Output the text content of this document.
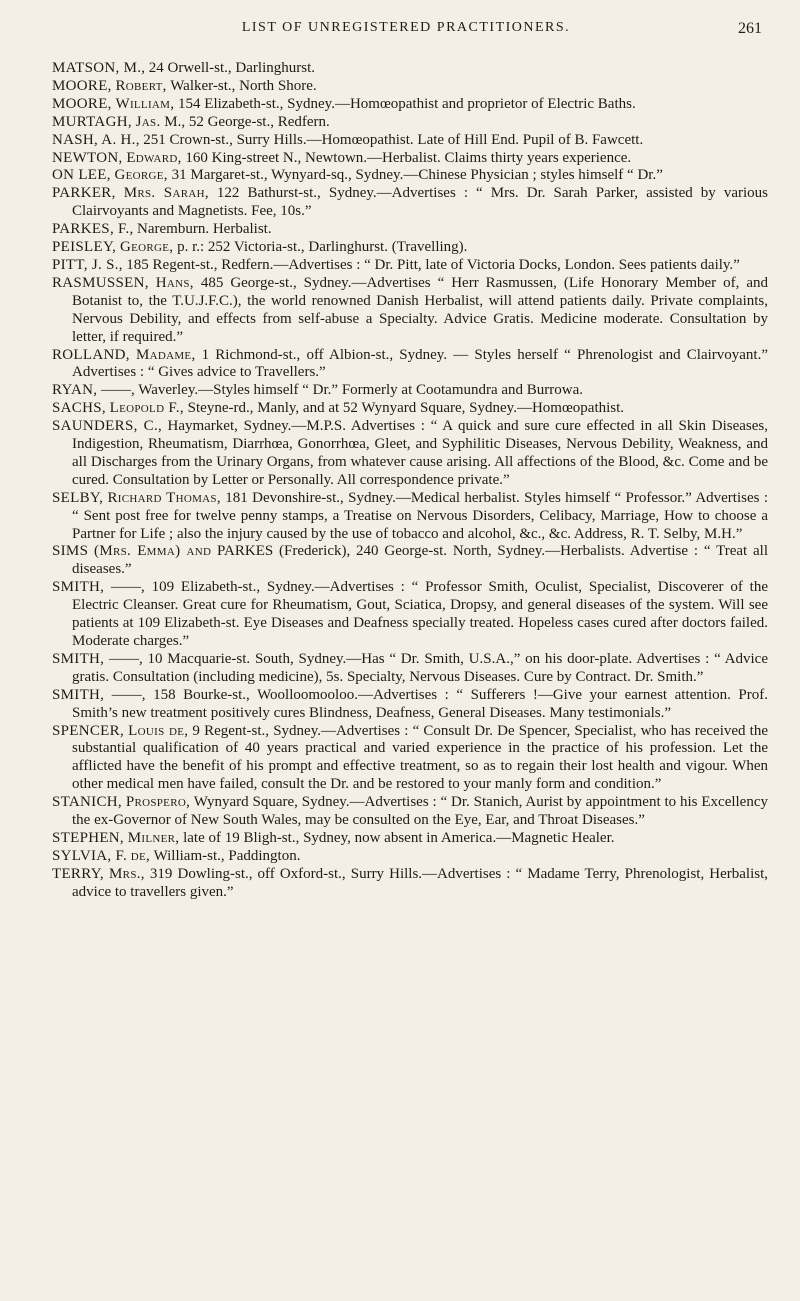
LIST OF UNREGISTERED PRACTITIONERS.	261

MATSON, M., 24 Orwell-st., Darlinghurst.

MOORE, Robert, Walker-st., North Shore.

MOORE, William, 154 Elizabeth-st., Sydney.—Homœopathist and proprietor of Electric Baths.

MURTAGH, Jas. M., 52 George-st., Redfern.

NASH, A. H., 251 Crown-st., Surry Hills.—Homœopathist. Late of Hill End. Pupil of B. Fawcett.

NEWTON, Edward, 160 King-street N., Newtown.—Herbalist. Claims thirty years experience.

ON LEE, George, 31 Margaret-st., Wynyard-sq., Sydney.—Chinese Physician ; styles himself “ Dr.”

PARKER, Mrs. Sarah, 122 Bathurst-st., Sydney.—Advertises : “ Mrs. Dr. Sarah Parker, assisted by various Clairvoyants and Magnetists. Fee, 10s.”

PARKES, F., Naremburn. Herbalist.

PEISLEY, George, p. r.: 252 Victoria-st., Darlinghurst. (Travelling).

PITT, J. S., 185 Regent-st., Redfern.—Advertises : “ Dr. Pitt, late of Victoria Docks, London. Sees patients daily.”

RASMUSSEN, Hans, 485 George-st., Sydney.—Advertises “ Herr Rasmussen, (Life Honorary Member of, and Botanist to, the T.U.J.F.C.), the world renowned Danish Herbalist, will attend patients daily. Private complaints, Nervous Debility, and effects from self-abuse a Specialty. Advice Gratis. Medicine moderate. Consultation by letter, if required.”

ROLLAND, Madame, 1 Richmond-st., off Albion-st., Sydney. — Styles herself “ Phrenologist and Clairvoyant.” Advertises : “ Gives advice to Travellers.”

RYAN, ——, Waverley.—Styles himself “ Dr.” Formerly at Cootamundra and Burrowa.

SACHS, Leopold F., Steyne-rd., Manly, and at 52 Wynyard Square, Sydney.—Homœopathist.

SAUNDERS, C., Haymarket, Sydney.—M.P.S. Advertises : “ A quick and sure cure effected in all Skin Diseases, Indigestion, Rheumatism, Diarrhœa, Gonorrhœa, Gleet, and Syphilitic Diseases, Nervous Debility, Weakness, and all Discharges from the Urinary Organs, from whatever cause arising. All affections of the Blood, &c. Come and be cured. Consultation by Letter or Personally. All correspondence private.”

SELBY, Richard Thomas, 181 Devonshire-st., Sydney.—Medical herbalist. Styles himself “ Professor.” Advertises : “ Sent post free for twelve penny stamps, a Treatise on Nervous Disorders, Celibacy, Marriage, How to choose a Partner for Life ; also the injury caused by the use of tobacco and alcohol, &c., &c. Address, R. T. Selby, M.H.”

SIMS (Mrs. Emma) and PARKES (Frederick), 240 George-st. North, Sydney.—Herbalists. Advertise : “ Treat all diseases.”

SMITH, ——, 109 Elizabeth-st., Sydney.—Advertises : “ Professor Smith, Oculist, Specialist, Discoverer of the Electric Cleanser. Great cure for Rheumatism, Gout, Sciatica, Dropsy, and general diseases of the system. Will see patients at 109 Elizabeth-st. Eye Diseases and Deafness specially treated. Hopeless cases cured after doctors failed. Moderate charges.”

SMITH, ——, 10 Macquarie-st. South, Sydney.—Has “ Dr. Smith, U.S.A.,” on his door-plate. Advertises : “ Advice gratis. Consultation (including medicine), 5s. Specialty, Nervous Diseases. Cure by Contract. Dr. Smith.”

SMITH, ——, 158 Bourke-st., Woolloomooloo.—Advertises : “ Sufferers !—Give your earnest attention. Prof. Smith’s new treatment positively cures Blindness, Deafness, General Diseases. Many testimonials.”

SPENCER, Louis de, 9 Regent-st., Sydney.—Advertises : “ Consult Dr. De Spencer, Specialist, who has received the substantial qualification of 40 years practical and varied experience in the practice of his profession. Let the afflicted have the benefit of his prompt and effective treatment, so as to regain their lost health and vigour. When other medical men have failed, consult the Dr. and be restored to your manly form and condition.”

STANICH, Prospero, Wynyard Square, Sydney.—Advertises : “ Dr. Stanich, Aurist by appointment to his Excellency the ex-Governor of New South Wales, may be consulted on the Eye, Ear, and Throat Diseases.”

STEPHEN, Milner, late of 19 Bligh-st., Sydney, now absent in America.—Magnetic Healer.

SYLVIA, F. de, William-st., Paddington.

TERRY, Mrs., 319 Dowling-st., off Oxford-st., Surry Hills.—Advertises : “ Madame Terry, Phrenologist, Herbalist, advice to travellers given.”
